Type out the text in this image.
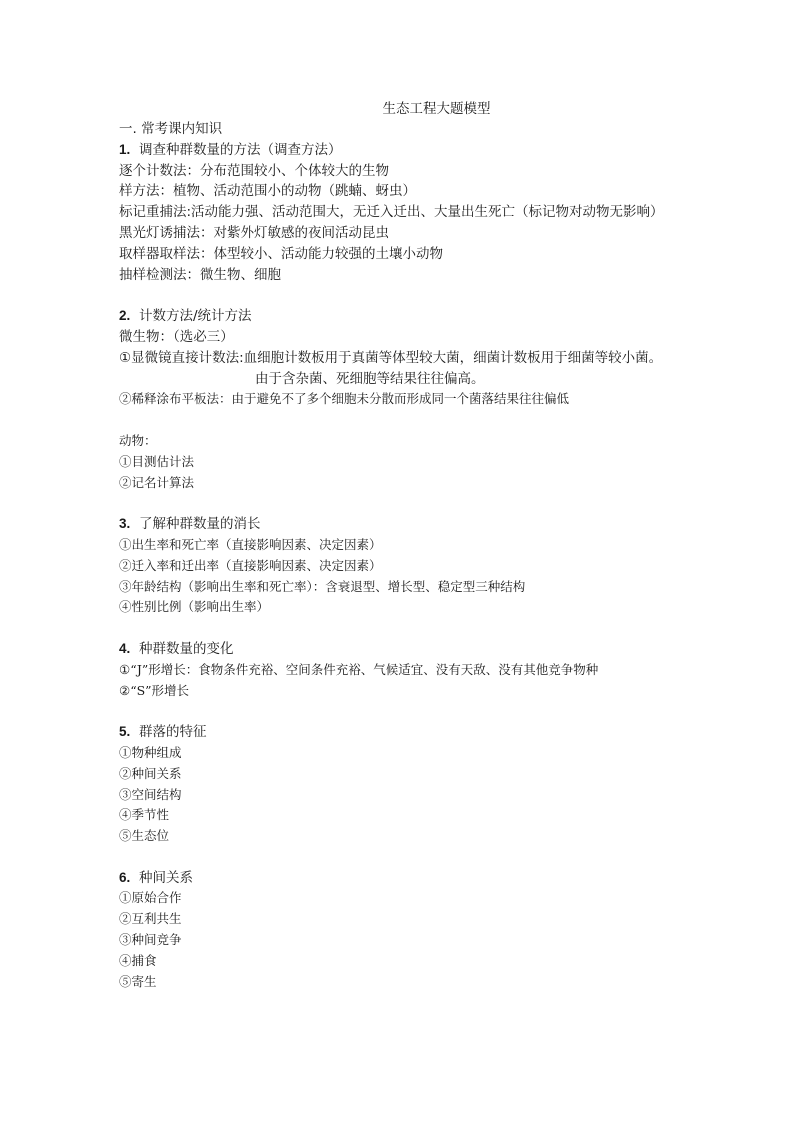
生态工程大题模型
一. 常考课内知识
1. 调查种群数量的方法（调查方法）
逐个计数法：分布范围较小、个体较大的生物
样方法：植物、活动范围小的动物（跳蝻、蚜虫）
标记重捕法:活动能力强、活动范围大，无迁入迁出、大量出生死亡（标记物对动物无影响）
黑光灯诱捕法：对紫外灯敏感的夜间活动昆虫
取样器取样法：体型较小、活动能力较强的土壤小动物
抽样检测法：微生物、细胞
2. 计数方法/统计方法
微生物：（选必三）
①显微镜直接计数法:血细胞计数板用于真菌等体型较大菌，细菌计数板用于细菌等较小菌。
由于含杂菌、死细胞等结果往往偏高。
②稀释涂布平板法：由于避免不了多个细胞未分散而形成同一个菌落结果往往偏低
动物：
①目测估计法
②记名计算法
3. 了解种群数量的消长
①出生率和死亡率（直接影响因素、决定因素）
②迁入率和迁出率（直接影响因素、决定因素）
③年龄结构（影响出生率和死亡率）：含衰退型、增长型、稳定型三种结构
④性别比例（影响出生率）
4. 种群数量的变化
①“J”形增长：食物条件充裕、空间条件充裕、气候适宜、没有天敌、没有其他竞争物种
②“S”形增长
5. 群落的特征
①物种组成
②种间关系
③空间结构
④季节性
⑤生态位
6. 种间关系
①原始合作
②互利共生
③种间竞争
④捕食
⑤寄生
